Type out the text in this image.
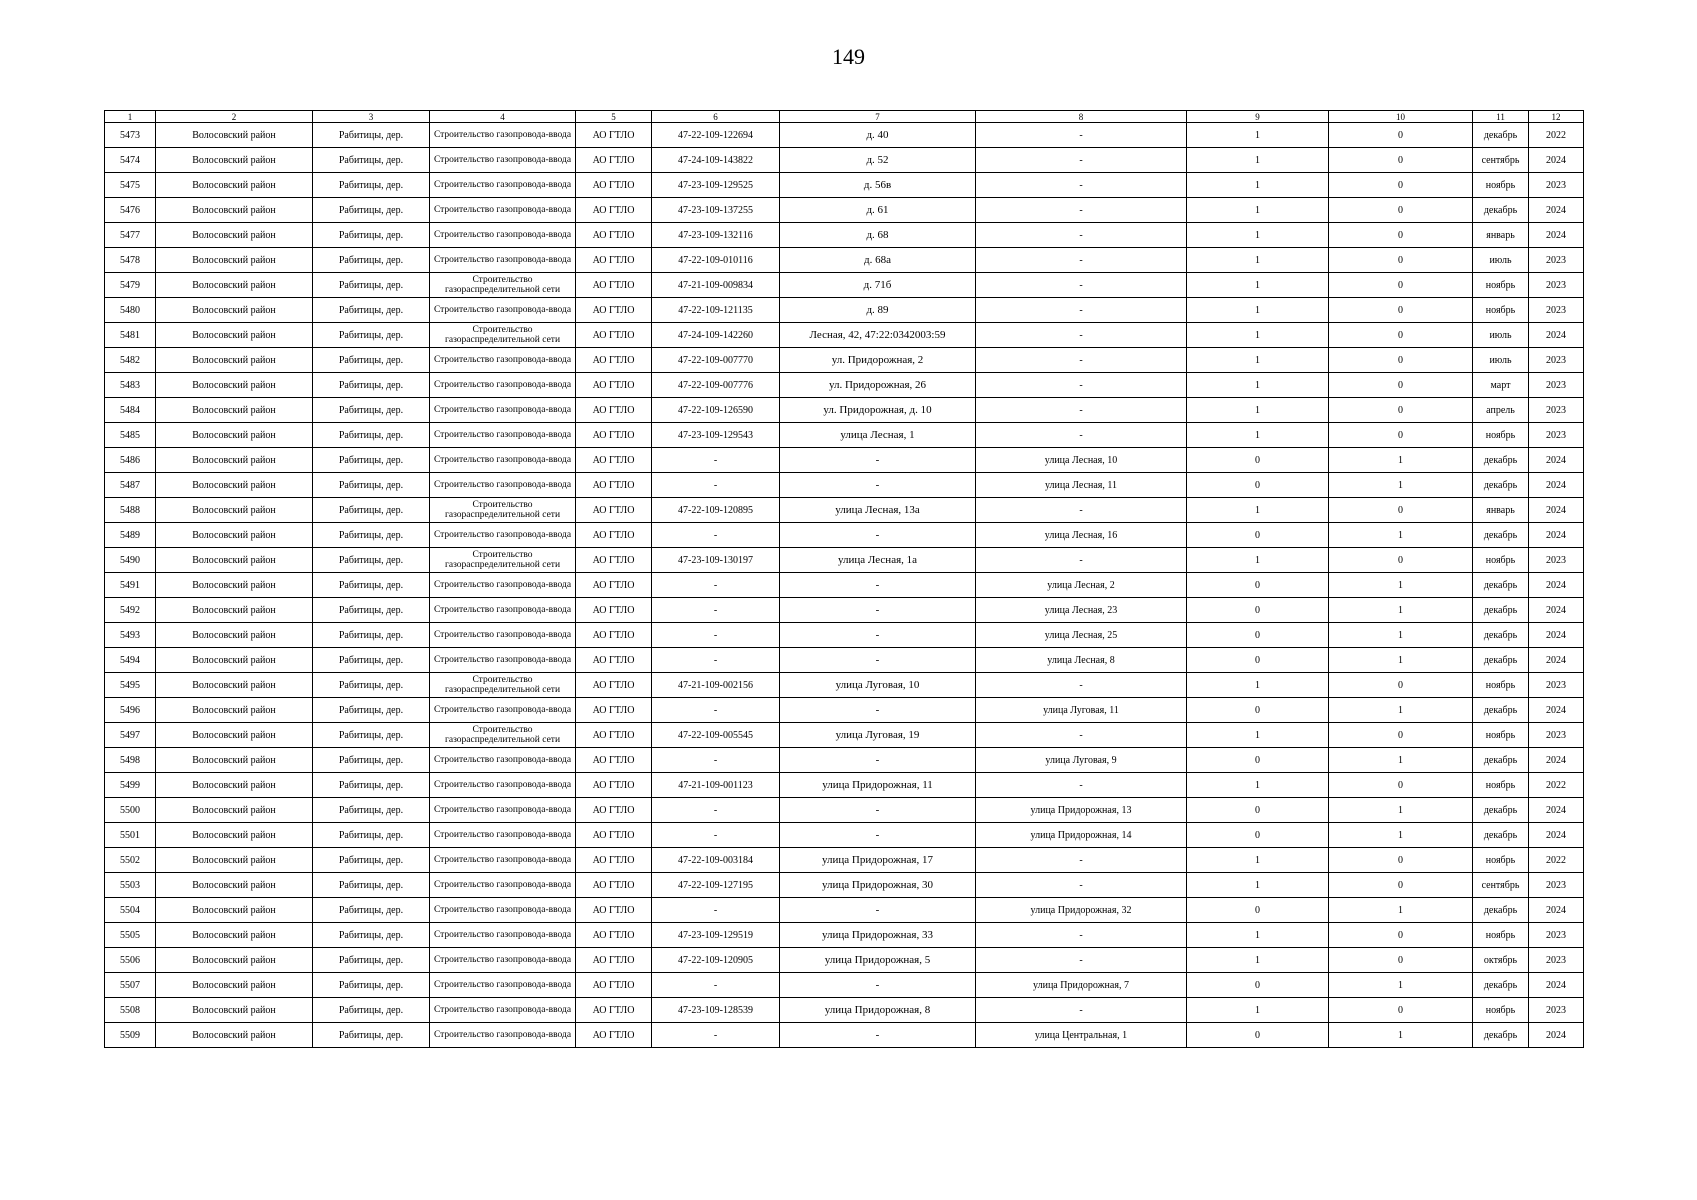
149
1	2	3	4	5	6	7	8	9	10	11	12
5473	Волосовский район	Рабитицы, дер.	Строительство газопровода-ввода	АО ГТЛО	47-22-109-122694	д. 40	-	1	0	декабрь	2022
5474	Волосовский район	Рабитицы, дер.	Строительство газопровода-ввода	АО ГТЛО	47-24-109-143822	д. 52	-	1	0	сентябрь	2024
5475	Волосовский район	Рабитицы, дер.	Строительство газопровода-ввода	АО ГТЛО	47-23-109-129525	д. 56в	-	1	0	ноябрь	2023
5476	Волосовский район	Рабитицы, дер.	Строительство газопровода-ввода	АО ГТЛО	47-23-109-137255	д. 61	-	1	0	декабрь	2024
5477	Волосовский район	Рабитицы, дер.	Строительство газопровода-ввода	АО ГТЛО	47-23-109-132116	д. 68	-	1	0	январь	2024
5478	Волосовский район	Рабитицы, дер.	Строительство газопровода-ввода	АО ГТЛО	47-22-109-010116	д. 68а	-	1	0	июль	2023
5479	Волосовский район	Рабитицы, дер.	Строительство газораспределительной сети	АО ГТЛО	47-21-109-009834	д. 71б	-	1	0	ноябрь	2023
5480	Волосовский район	Рабитицы, дер.	Строительство газопровода-ввода	АО ГТЛО	47-22-109-121135	д. 89	-	1	0	ноябрь	2023
5481	Волосовский район	Рабитицы, дер.	Строительство газораспределительной сети	АО ГТЛО	47-24-109-142260	Лесная, 42, 47:22:0342003:59	-	1	0	июль	2024
5482	Волосовский район	Рабитицы, дер.	Строительство газопровода-ввода	АО ГТЛО	47-22-109-007770	ул. Придорожная, 2	-	1	0	июль	2023
5483	Волосовский район	Рабитицы, дер.	Строительство газопровода-ввода	АО ГТЛО	47-22-109-007776	ул. Придорожная, 26	-	1	0	март	2023
5484	Волосовский район	Рабитицы, дер.	Строительство газопровода-ввода	АО ГТЛО	47-22-109-126590	ул. Придорожная, д. 10	-	1	0	апрель	2023
5485	Волосовский район	Рабитицы, дер.	Строительство газопровода-ввода	АО ГТЛО	47-23-109-129543	улица Лесная, 1	-	1	0	ноябрь	2023
5486	Волосовский район	Рабитицы, дер.	Строительство газопровода-ввода	АО ГТЛО	-	-	улица Лесная, 10	0	1	декабрь	2024
5487	Волосовский район	Рабитицы, дер.	Строительство газопровода-ввода	АО ГТЛО	-	-	улица Лесная, 11	0	1	декабрь	2024
5488	Волосовский район	Рабитицы, дер.	Строительство газораспределительной сети	АО ГТЛО	47-22-109-120895	улица Лесная, 13а	-	1	0	январь	2024
5489	Волосовский район	Рабитицы, дер.	Строительство газопровода-ввода	АО ГТЛО	-	-	улица Лесная, 16	0	1	декабрь	2024
5490	Волосовский район	Рабитицы, дер.	Строительство газораспределительной сети	АО ГТЛО	47-23-109-130197	улица Лесная, 1а	-	1	0	ноябрь	2023
5491	Волосовский район	Рабитицы, дер.	Строительство газопровода-ввода	АО ГТЛО	-	-	улица Лесная, 2	0	1	декабрь	2024
5492	Волосовский район	Рабитицы, дер.	Строительство газопровода-ввода	АО ГТЛО	-	-	улица Лесная, 23	0	1	декабрь	2024
5493	Волосовский район	Рабитицы, дер.	Строительство газопровода-ввода	АО ГТЛО	-	-	улица Лесная, 25	0	1	декабрь	2024
5494	Волосовский район	Рабитицы, дер.	Строительство газопровода-ввода	АО ГТЛО	-	-	улица Лесная, 8	0	1	декабрь	2024
5495	Волосовский район	Рабитицы, дер.	Строительство газораспределительной сети	АО ГТЛО	47-21-109-002156	улица Луговая, 10	-	1	0	ноябрь	2023
5496	Волосовский район	Рабитицы, дер.	Строительство газопровода-ввода	АО ГТЛО	-	-	улица Луговая, 11	0	1	декабрь	2024
5497	Волосовский район	Рабитицы, дер.	Строительство газораспределительной сети	АО ГТЛО	47-22-109-005545	улица Луговая, 19	-	1	0	ноябрь	2023
5498	Волосовский район	Рабитицы, дер.	Строительство газопровода-ввода	АО ГТЛО	-	-	улица Луговая, 9	0	1	декабрь	2024
5499	Волосовский район	Рабитицы, дер.	Строительство газопровода-ввода	АО ГТЛО	47-21-109-001123	улица Придорожная, 11	-	1	0	ноябрь	2022
5500	Волосовский район	Рабитицы, дер.	Строительство газопровода-ввода	АО ГТЛО	-	-	улица Придорожная, 13	0	1	декабрь	2024
5501	Волосовский район	Рабитицы, дер.	Строительство газопровода-ввода	АО ГТЛО	-	-	улица Придорожная, 14	0	1	декабрь	2024
5502	Волосовский район	Рабитицы, дер.	Строительство газопровода-ввода	АО ГТЛО	47-22-109-003184	улица Придорожная, 17	-	1	0	ноябрь	2022
5503	Волосовский район	Рабитицы, дер.	Строительство газопровода-ввода	АО ГТЛО	47-22-109-127195	улица Придорожная, 30	-	1	0	сентябрь	2023
5504	Волосовский район	Рабитицы, дер.	Строительство газопровода-ввода	АО ГТЛО	-	-	улица Придорожная, 32	0	1	декабрь	2024
5505	Волосовский район	Рабитицы, дер.	Строительство газопровода-ввода	АО ГТЛО	47-23-109-129519	улица Придорожная, 33	-	1	0	ноябрь	2023
5506	Волосовский район	Рабитицы, дер.	Строительство газопровода-ввода	АО ГТЛО	47-22-109-120905	улица Придорожная, 5	-	1	0	октябрь	2023
5507	Волосовский район	Рабитицы, дер.	Строительство газопровода-ввода	АО ГТЛО	-	-	улица Придорожная, 7	0	1	декабрь	2024
5508	Волосовский район	Рабитицы, дер.	Строительство газопровода-ввода	АО ГТЛО	47-23-109-128539	улица Придорожная, 8	-	1	0	ноябрь	2023
5509	Волосовский район	Рабитицы, дер.	Строительство газопровода-ввода	АО ГТЛО	-	-	улица Центральная, 1	0	1	декабрь	2024
